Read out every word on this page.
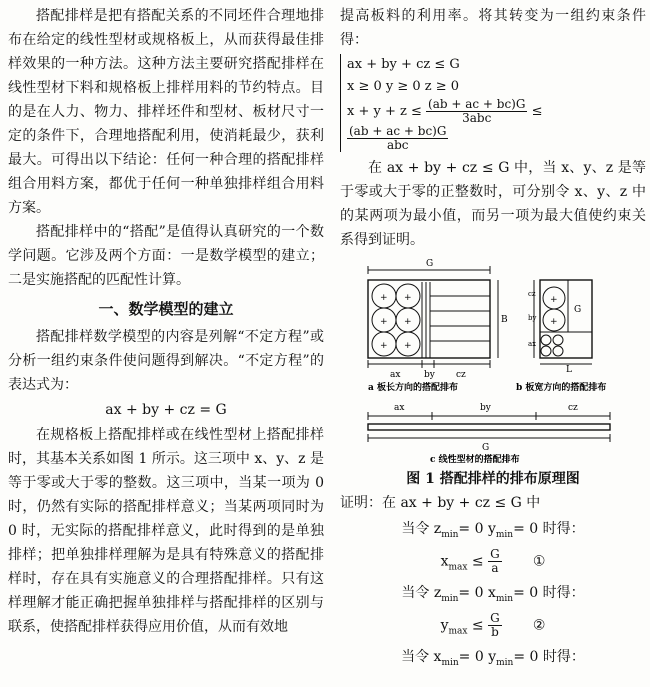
搭配排样是把有搭配关系的不同坯件合理地排布在给定的线性型材或规格板上，从而获得最佳排样效果的一种方法。这种方法主要研究搭配排样在线性型材下料和规格板上排样用料的节约特点。目的是在人力、物力、排样坯件和型材、板材尺寸一定的条件下，合理地搭配利用，使消耗最少，获利最大。可得出以下结论：任何一种合理的搭配排样组合用料方案，都优于任何一种单独排样组合用料方案。

搭配排样中的“搭配”是值得认真研究的一个数学问题。它涉及两个方面：一是数学模型的建立；二是实施搭配的匹配性计算。

一、数学模型的建立

搭配排样数学模型的内容是列解“不定方程”或分析一组约束条件使问题得到解决。“不定方程”的表达式为：

ax + by + cz = G

在规格板上搭配排样或在线性型材上搭配排样时，其基本关系如图 1 所示。这三项中 x、y、z 是等于零或大于零的整数。这三项中，当某一项为 0 时，仍然有实际的搭配排样意义；当某两项同时为 0 时，无实际的搭配排样意义，此时得到的是单独排样；把单独排样理解为是具有特殊意义的搭配排样时，存在具有实施意义的合理搭配排样。只有这样理解才能正确把握单独排样与搭配排样的区别与联系，使搭配排样获得应用价值，从而有效地

提高板料的利用率。将其转变为一组约束条件得：

ax + by + cz ≤ G
x ≥ 0 y ≥ 0 z ≥ 0
$x + y + z \le \frac{(ab + ac + bc)G}{\text{3abc}}$ ≤
$\frac{(ab + ac + bc)G}{\text{abc}}$

在 ax + by + cz ≤ G 中，当 x、y、z 是等于零或大于零的正整数时，可分别令 x、y、z 中的某两项为最小值，而另一项为最大值使约束关系得到证明。

+ +
+ +
+ +
G
B
ax	by cz
+
+
G
cz
by
ax
L
a 板长方向的搭配排布	b 板宽方向的搭配排布
ax	by	cz
G
c 线性型材的搭配排布
图 1 搭配排样的排布原理图
证明：在 ax + by + cz ≤ G 中
当令 $z_{min}= 0$ $y_{min}= 0$ 时得：
$x_{max} \le \frac{G}{a}$ ①
当令 $z_{min}= 0$ $x_{min}= 0$ 时得：
$y_{max} \le \frac{G}{b}$ ②
当令 $x_{min}= 0$ $y_{min}= 0$ 时得：
